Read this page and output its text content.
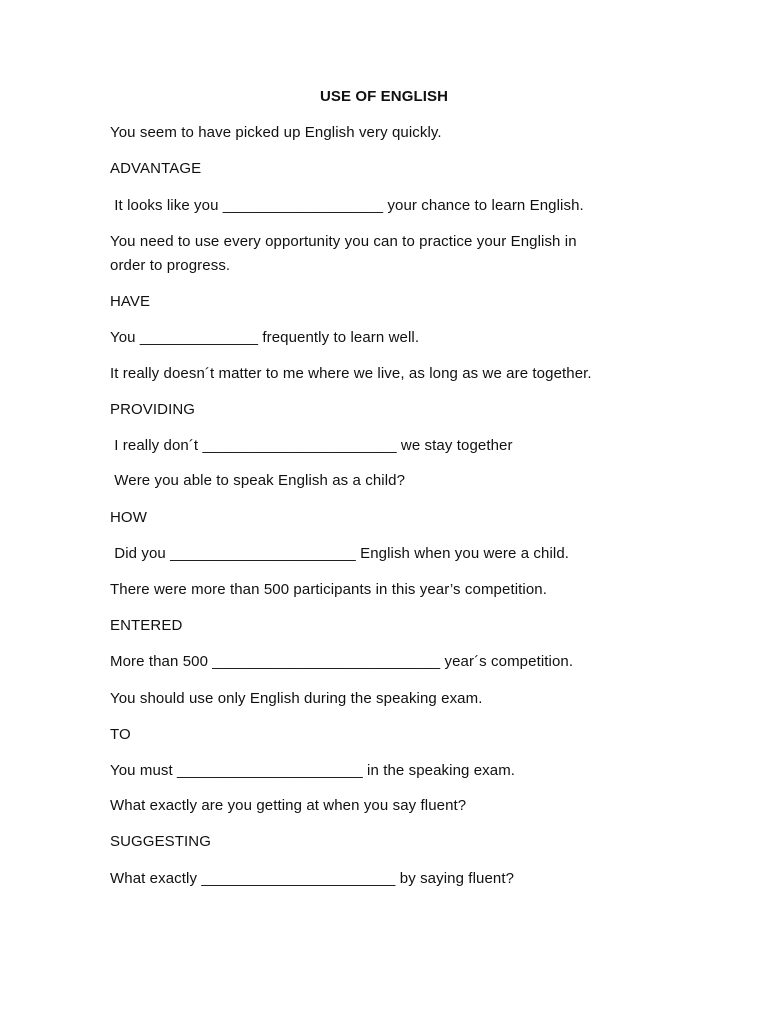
USE OF ENGLISH
You seem to have picked up English very quickly.
ADVANTAGE
It looks like you ___________________ your chance to learn English.
You need to use every opportunity you can to practice your English in
order to progress.
HAVE
You ______________ frequently to learn well.
It really doesn´t matter to me where we live, as long as we are together.
PROVIDING
I really don´t _______________________ we stay together
Were you able to speak English as a child?
HOW
Did you ______________________ English when you were a child.
There were more than 500 participants in this year’s competition.
ENTERED
More than 500 ___________________________ year´s competition.
You should use only English during the speaking exam.
TO
You must ______________________ in the speaking exam.
What exactly are you getting at when you say fluent?
SUGGESTING
What exactly _______________________ by saying fluent?
